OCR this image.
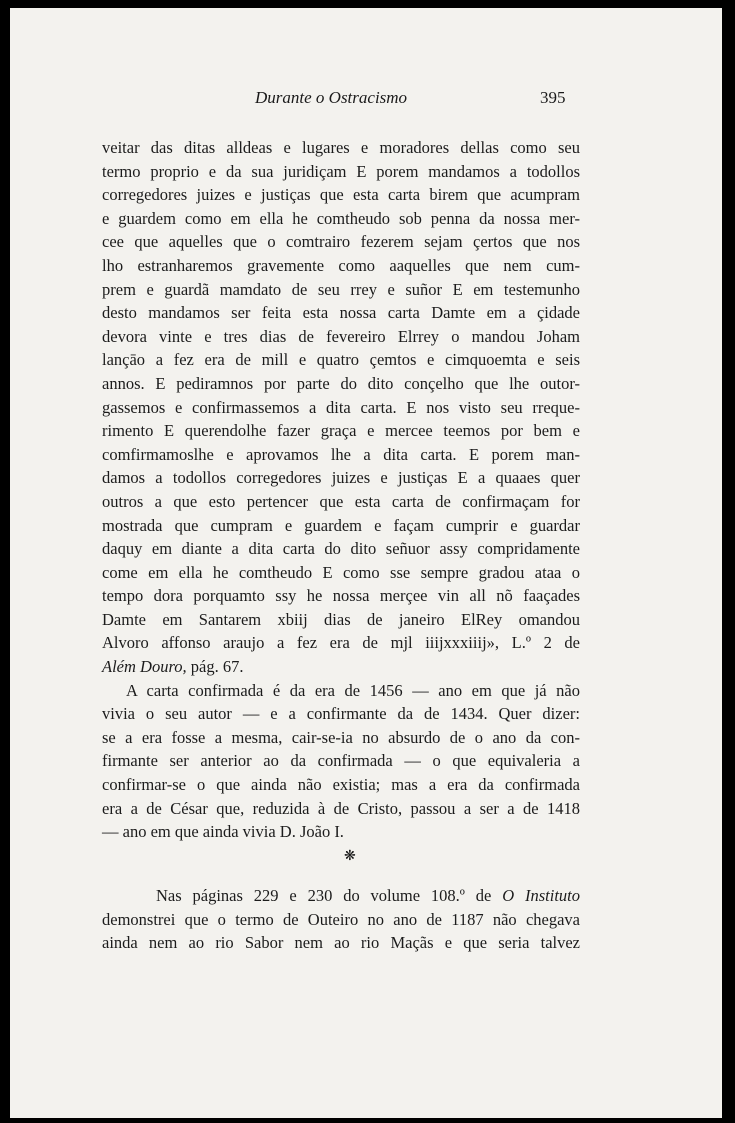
Durante o Ostracismo	395
veitar das ditas alldeas e lugares e moradores dellas como seu
termo proprio e da sua juridiçam E porem mandamos a todollos
corregedores juizes e justiças que esta carta birem que acumpram
e guardem como em ella he comtheudo sob penna da nossa mer-
cee que aquelles que o comtrairo fezerem sejam çertos que nos
lho estranharemos gravemente como aaquelles que nem cum-
prem e guardã mamdato de seu rrey e suñor E em testemunho
desto mandamos ser feita esta nossa carta Damte em a çidade
devora vinte e tres dias de fevereiro Elrrey o mandou Joham
lançāo a fez era de mill e quatro çemtos e cimquoemta e seis
annos. E pediramnos por parte do dito conçelho que lhe outor-
gassemos e confirmassemos a dita carta. E nos visto seu rreque-
rimento E querendolhe fazer graça e mercee teemos por bem e
comfirmamoslhe e aprovamos lhe a dita carta. E porem man-
damos a todollos corregedores juizes e justiças E a quaaes quer
outros a que esto pertencer que esta carta de confirmaçam for
mostrada que cumpram e guardem e façam cumprir e guardar
daquy em diante a dita carta do dito señuor assy compridamente
come em ella he comtheudo E como sse sempre gradou ataa o
tempo dora porquamto ssy he nossa merçee vin all nõ faaçades
Damte em Santarem xbiij dias de janeiro ElRey omandou
Alvoro affonso araujo a fez era de mjl iiijxxxiiij», L.º 2 de
Além Douro, pág. 67.
A carta confirmada é da era de 1456 — ano em que já não
vivia o seu autor — e a confirmante da de 1434. Quer dizer:
se a era fosse a mesma, cair-se-ia no absurdo de o ano da con-
firmante ser anterior ao da confirmada — o que equivaleria a
confirmar-se o que ainda não existia; mas a era da confirmada
era a de César que, reduzida à de Cristo, passou a ser a de 1418
— ano em que ainda vivia D. João I.
❋
Nas páginas 229 e 230 do volume 108.º de O Instituto
demonstrei que o termo de Outeiro no ano de 1187 não chegava
ainda nem ao rio Sabor nem ao rio Maçãs e que seria talvez
